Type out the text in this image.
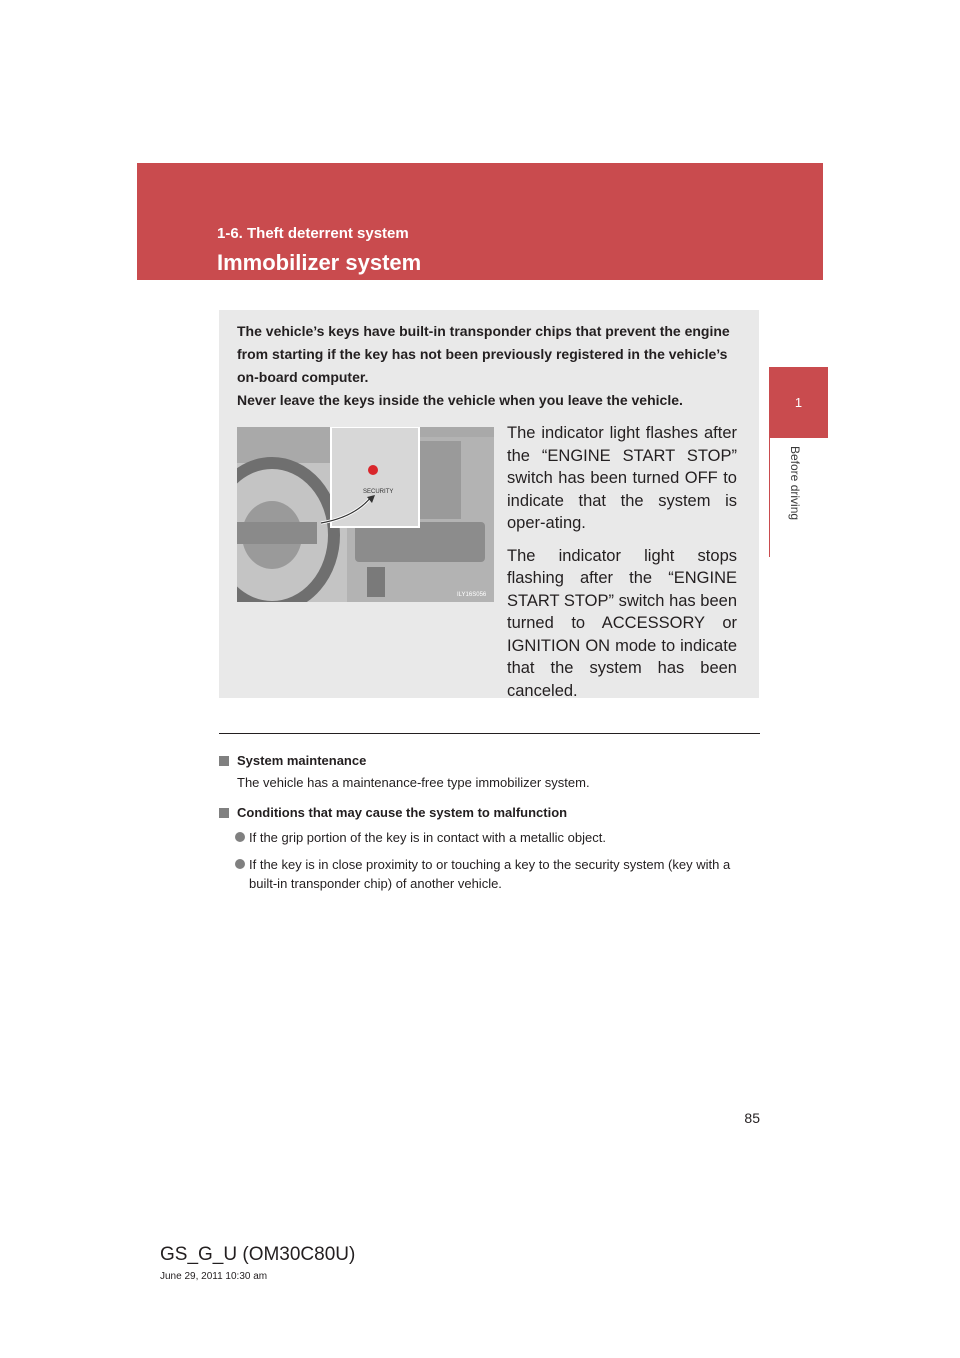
1-6. Theft deterrent system
Immobilizer system
1
Before driving
The vehicle’s keys have built-in transponder chips that prevent the engine
from starting if the key has not been previously registered in the vehicle’s
on-board computer.
Never leave the keys inside the vehicle when you leave the vehicle.
SECURITY
ILY16S056

The indicator light flashes after the “ENGINE START STOP” switch has been turned OFF to indicate that the system is oper-ating.

The indicator light stops flashing after the “ENGINE START STOP” switch has been turned to ACCESSORY or IGNITION ON mode to indicate that the system has been canceled.

System maintenance
The vehicle has a maintenance-free type immobilizer system.
Conditions that may cause the system to malfunction
If the grip portion of the key is in contact with a metallic object.
If the key is in close proximity to or touching a key to the security system (key with a built-in transponder chip) of another vehicle.
85
GS_G_U (OM30C80U)
June 29, 2011 10:30 am
